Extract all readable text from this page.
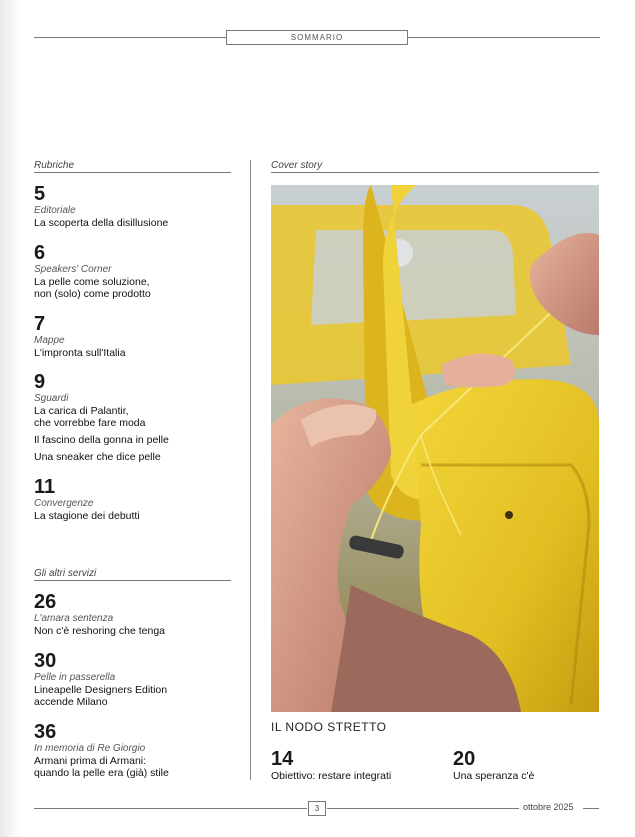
SOMMARIO
Rubriche
5
Editoriale
La scoperta della disillusione
6
Speakers' Corner
La pelle come soluzione,
non (solo) come prodotto
7
Mappe
L'impronta sull'Italia
9
Sguardi
La carica di Palantir,
che vorrebbe fare moda
Il fascino della gonna in pelle
Una sneaker che dice pelle
11
Convergenze
La stagione dei debutti
Gli altri servizi
26
L'amara sentenza
Non c'è reshoring che tenga
30
Pelle in passerella
Lineapelle Designers Edition
accende Milano
36
In memoria di Re Giorgio
Armani prima di Armani:
quando la pelle era (già) stile
Cover story
IL NODO STRETTO
14
Obiettivo: restare integrati
20
Una speranza c'è
3	ottobre 2025
